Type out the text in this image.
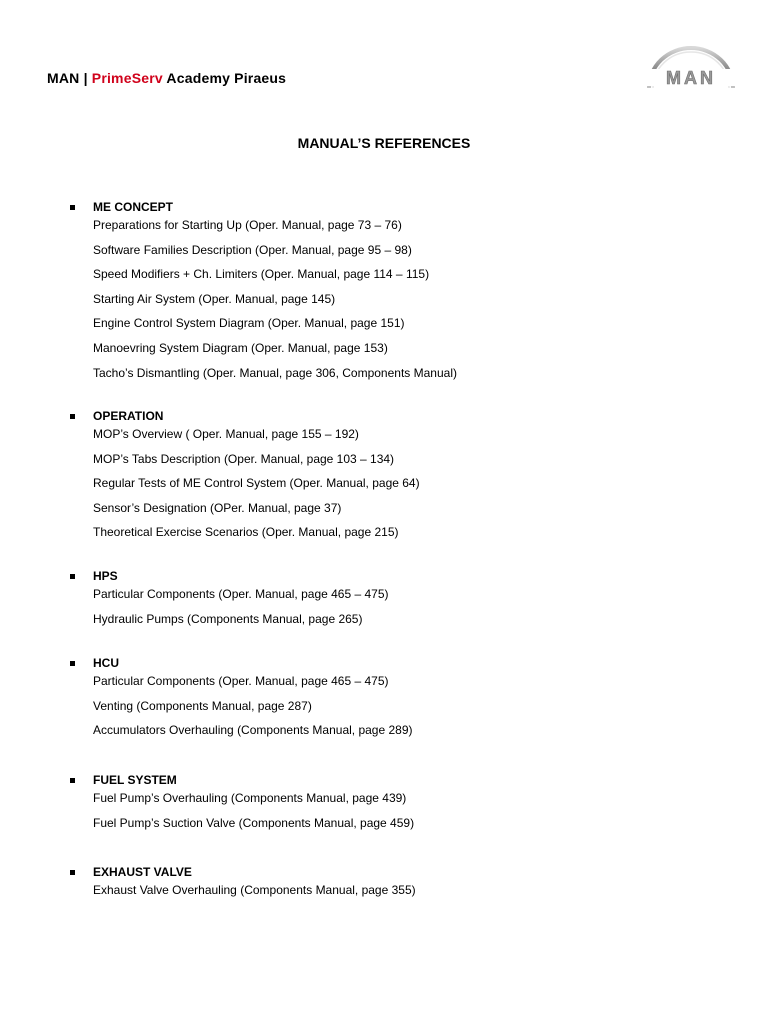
MAN | PrimeServ Academy Piraeus	MAN
MANUAL’S REFERENCES
ME CONCEPT
Preparations for Starting Up (Oper. Manual, page 73 – 76)
Software Families Description (Oper. Manual, page 95 – 98)
Speed Modifiers + Ch. Limiters (Oper. Manual, page 114 – 115)
Starting Air System (Oper. Manual, page 145)
Engine Control System Diagram (Oper. Manual, page 151)
Manoevring System Diagram (Oper. Manual, page 153)
Tacho’s Dismantling (Oper. Manual, page 306, Components Manual)
OPERATION
MOP’s Overview ( Oper. Manual, page 155 – 192)
MOP’s Tabs Description (Oper. Manual, page 103 – 134)
Regular Tests of ME Control System (Oper. Manual, page 64)
Sensor’s Designation (OPer. Manual, page 37)
Theoretical Exercise Scenarios (Oper. Manual, page 215)
HPS
Particular Components (Oper. Manual, page 465 – 475)
Hydraulic Pumps (Components Manual, page 265)
HCU
Particular Components (Oper. Manual, page 465 – 475)
Venting (Components Manual, page 287)
Accumulators Overhauling (Components Manual, page 289)
FUEL SYSTEM
Fuel Pump’s Overhauling (Components Manual, page 439)
Fuel Pump’s Suction Valve (Components Manual, page 459)
EXHAUST VALVE
Exhaust Valve Overhauling (Components Manual, page 355)
